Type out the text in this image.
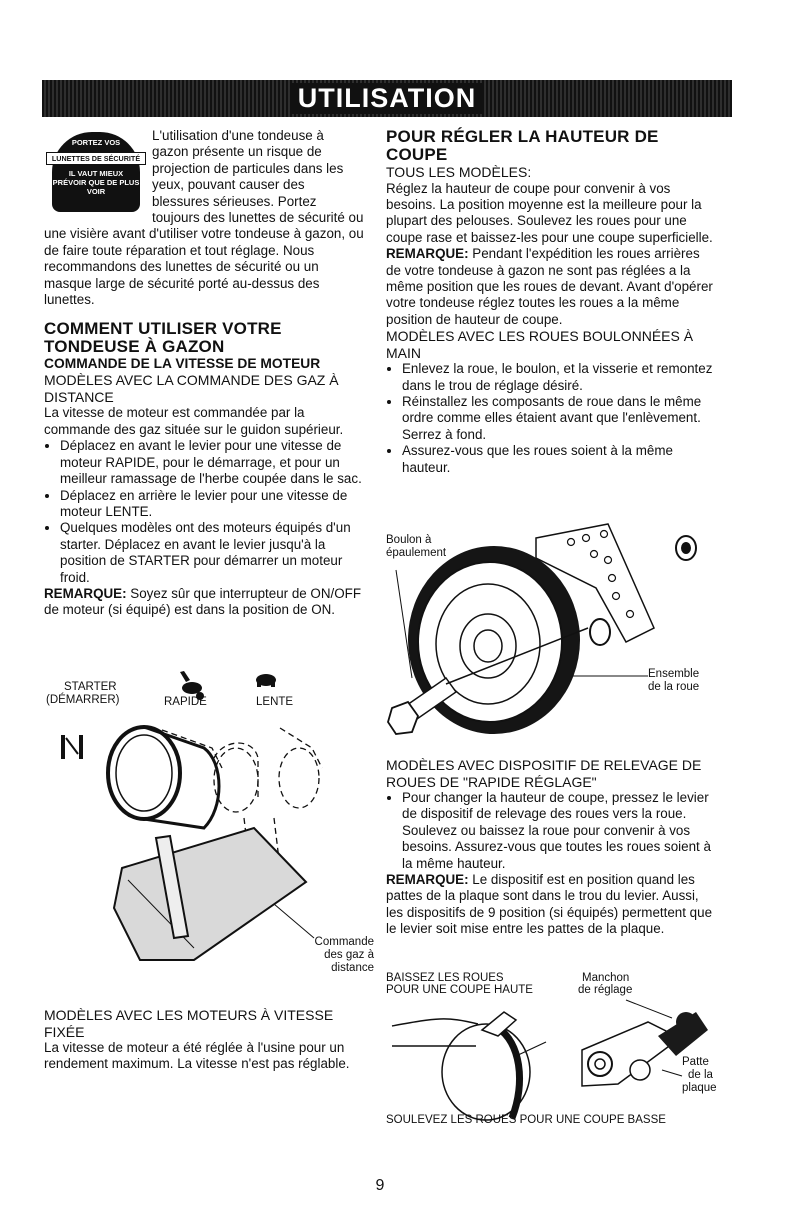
UTILISATION
PORTEZ VOS
LUNETTES DE SÉCURITÉ
IL VAUT MIEUX PRÉVOIR QUE DE PLUS VOIR

L'utilisation d'une tondeuse à gazon présente un risque de projection de particules dans les yeux, pouvant causer des blessures sérieuses. Portez toujours des lunettes de sécurité ou une visière avant d'utiliser votre tondeuse à gazon, ou de faire toute réparation et tout réglage. Nous recommandons des lunettes de sécurité ou un masque large de sécurité porté au-dessus des lunettes.

COMMENT UTILISER VOTRE TONDEUSE À GAZON
COMMANDE DE LA VITESSE DE MOTEUR

MODÈLES AVEC LA COMMANDE DES GAZ À DISTANCE

La vitesse de moteur est commandée par la commande des gaz située sur le guidon supérieur.

• Déplacez en avant le levier pour une vitesse de moteur RAPIDE, pour le démarrage, et pour un meilleur ramassage de l'herbe coupée dans le sac.
• Déplacez en arrière le levier pour une vitesse de moteur LENTE.
• Quelques modèles ont des moteurs équipés d'un starter. Déplacez en avant le levier jusqu'à la position de STARTER pour démarrer un moteur froid.

REMARQUE: Soyez sûr que interrupteur de ON/OFF de moteur (si équipé) est dans la position de ON.

STARTER
(DÉMARRER)	RAPIDE	LENTE
Commande
des gaz à
distance

MODÈLES AVEC LES MOTEURS À VITESSE FIXÉE

La vitesse de moteur a été réglée à l'usine pour un rendement maximum. La vitesse n'est pas réglable.

POUR RÉGLER LA HAUTEUR DE COUPE

TOUS LES MODÈLES:

Réglez la hauteur de coupe pour convenir à vos besoins. La position moyenne est la meilleure pour la plupart des pelouses. Soulevez les roues pour une coupe rase et baissez-les pour une coupe superficielle.

REMARQUE: Pendant l'expédition les roues arrières de votre tondeuse à gazon ne sont pas réglées a la même position que les roues de devant. Avant d'opérer votre tondeuse réglez toutes les roues a la même position de hauteur de coupe.

MODÈLES AVEC LES ROUES BOULONNÉES À MAIN

• Enlevez la roue, le boulon, et la visserie et remontez dans le trou de réglage désiré.
• Réinstallez les composants de roue dans le même ordre comme elles étaient avant que l'enlèvement. Serrez à fond.
• Assurez-vous que les roues soient à la même hauteur.
Boulon à
épaulement
Ensemble
de la roue

MODÈLES AVEC DISPOSITIF DE RELEVAGE DE ROUES DE "RAPIDE RÉGLAGE"

• Pour changer la hauteur de coupe, pressez le levier de dispositif de relevage des roues vers la roue. Soulevez ou baissez la roue pour convenir à vos besoins. Assurez-vous que toutes les roues soient à la même hauteur.

REMARQUE: Le dispositif est en position quand les pattes de la plaque sont dans le trou du levier. Aussi, les dispositifs de 9 position (si équipés) permettent que le levier soit mise entre les pattes de la plaque.

BAISSEZ LES ROUES
POUR UNE COUPE HAUTE
Manchon
de réglage
Patte
de la
plaque
SOULEVEZ LES ROUES POUR UNE COUPE BASSE
9
